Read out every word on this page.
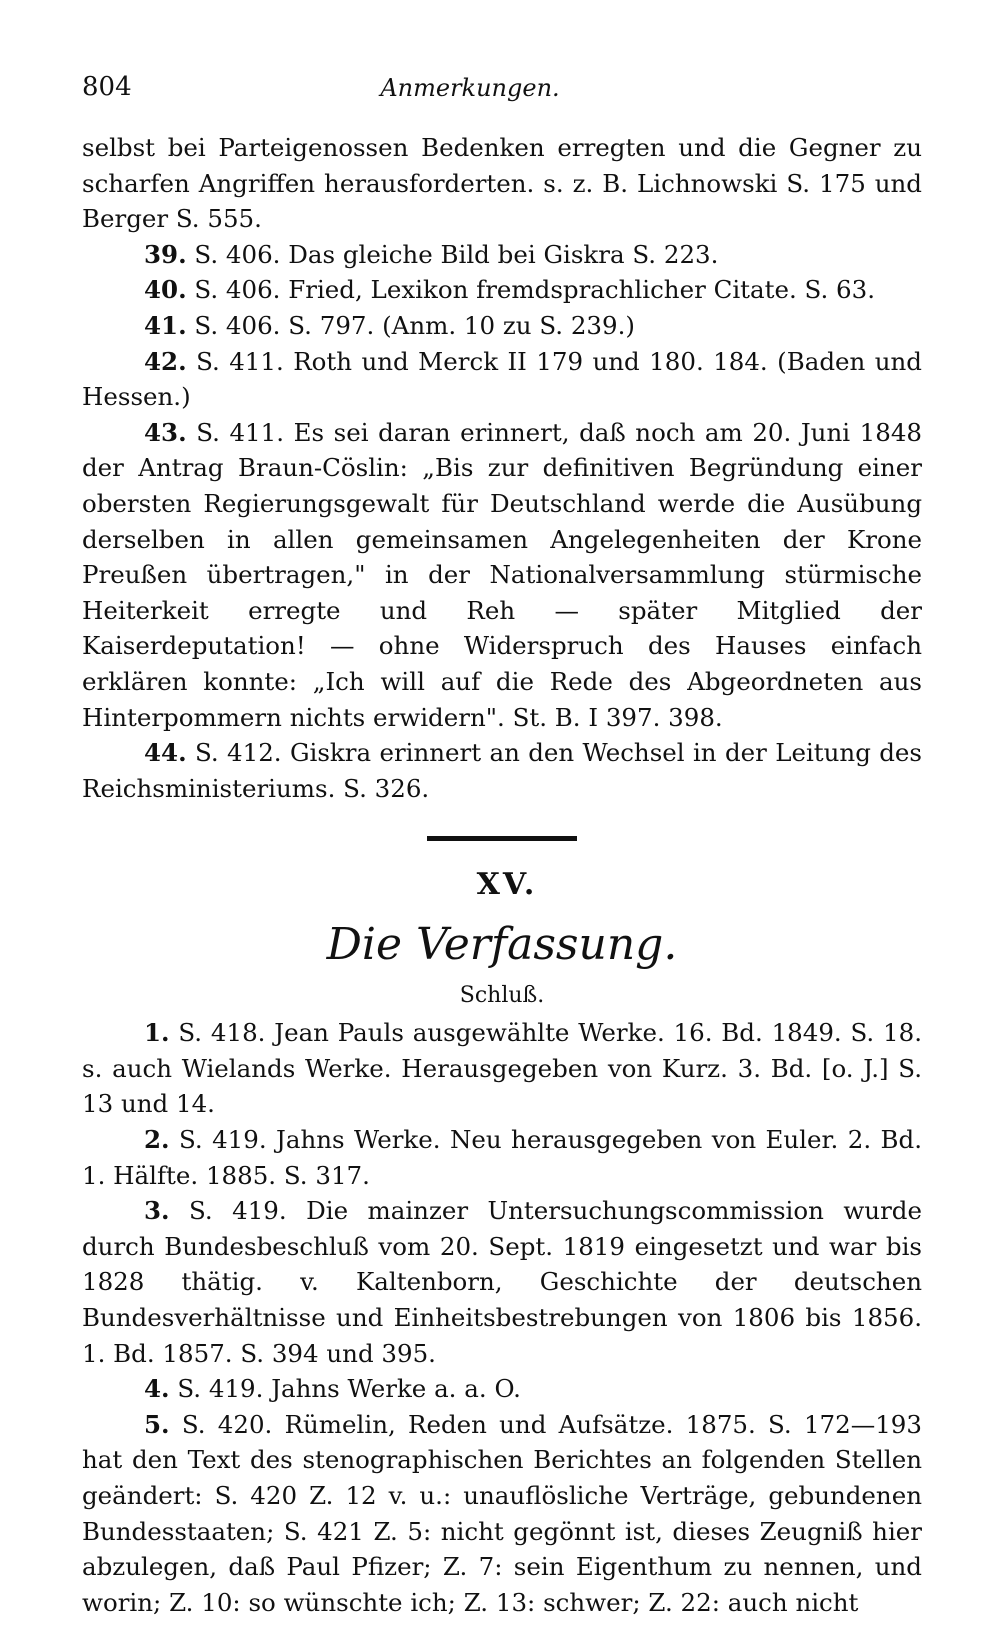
804	Anmerkungen.

selbst bei Parteigenossen Bedenken erregten und die Gegner zu scharfen Angriffen herausforderten. s. z. B. Lichnowski S. 175 und Berger S. 555.

39. S. 406. Das gleiche Bild bei Giskra S. 223.

40. S. 406. Fried, Lexikon fremdsprachlicher Citate. S. 63.

41. S. 406. S. 797. (Anm. 10 zu S. 239.)

42. S. 411. Roth und Merck II 179 und 180. 184. (Baden und Hessen.)

43. S. 411. Es sei daran erinnert, daß noch am 20. Juni 1848 der Antrag Braun-Cöslin: „Bis zur definitiven Begründung einer obersten Regierungsgewalt für Deutschland werde die Ausübung derselben in allen gemeinsamen Angelegenheiten der Krone Preußen übertragen," in der Nationalversammlung stürmische Heiterkeit erregte und Reh — später Mitglied der Kaiserdeputation! — ohne Widerspruch des Hauses einfach erklären konnte: „Ich will auf die Rede des Abgeordneten aus Hinterpommern nichts erwidern". St. B. I 397. 398.

44. S. 412. Giskra erinnert an den Wechsel in der Leitung des Reichsministeriums. S. 326.

XV.
Die Verfassung.
Schluß.

1. S. 418. Jean Pauls ausgewählte Werke. 16. Bd. 1849. S. 18. s. auch Wielands Werke. Herausgegeben von Kurz. 3. Bd. [o. J.] S. 13 und 14.

2. S. 419. Jahns Werke. Neu herausgegeben von Euler. 2. Bd. 1. Hälfte. 1885. S. 317.

3. S. 419. Die mainzer Untersuchungscommission wurde durch Bundesbeschluß vom 20. Sept. 1819 eingesetzt und war bis 1828 thätig. v. Kaltenborn, Geschichte der deutschen Bundesverhältnisse und Einheitsbestrebungen von 1806 bis 1856. 1. Bd. 1857. S. 394 und 395.

4. S. 419. Jahns Werke a. a. O.

5. S. 420. Rümelin, Reden und Aufsätze. 1875. S. 172—193 hat den Text des stenographischen Berichtes an folgenden Stellen geändert: S. 420 Z. 12 v. u.: unauflösliche Verträge, gebundenen Bundesstaaten; S. 421 Z. 5: nicht gegönnt ist, dieses Zeugniß hier abzulegen, daß Paul Pfizer; Z. 7: sein Eigenthum zu nennen, und worin; Z. 10: so wünschte ich; Z. 13: schwer; Z. 22: auch nicht
